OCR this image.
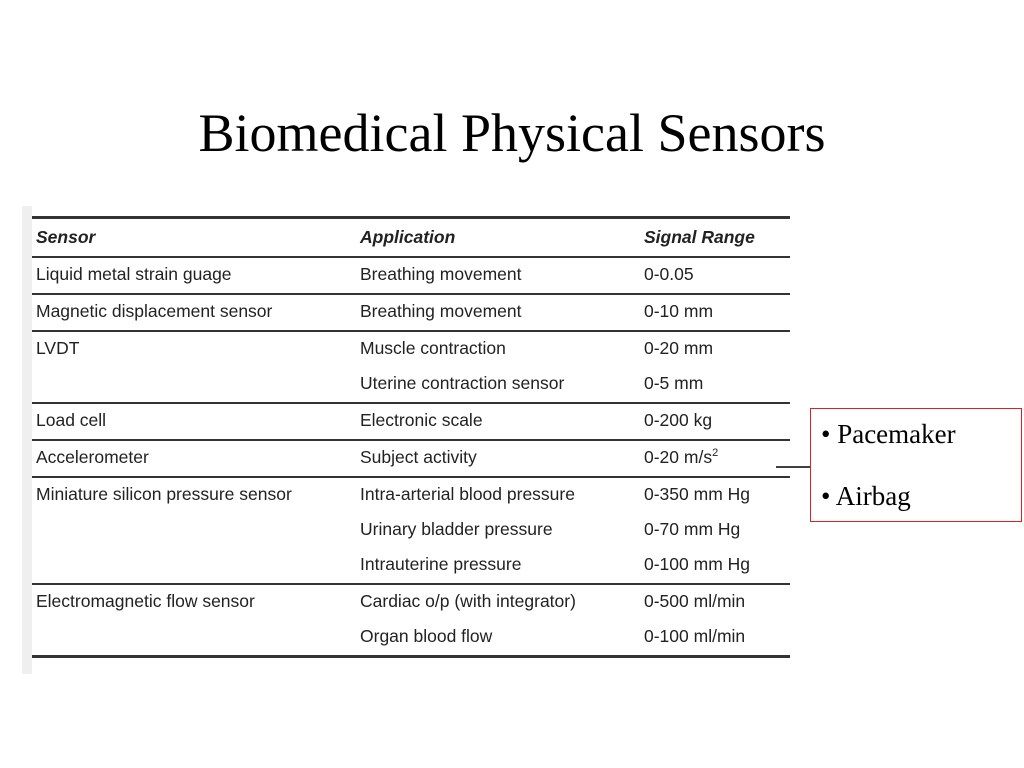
Biomedical Physical Sensors
Sensor	Application	Signal Range
Liquid metal strain guage	Breathing movement	0-0.05
Magnetic displacement sensor	Breathing movement	0-10 mm
LVDT	Muscle contraction	0-20 mm
	Uterine contraction sensor	0-5 mm
Load cell	Electronic scale	0-200 kg
Accelerometer	Subject activity	0-20 $m/s^2$
Miniature silicon pressure sensor	Intra-arterial blood pressure	0-350 mm Hg
	Urinary bladder pressure	0-70 mm Hg
	Intrauterine pressure	0-100 mm Hg
Electromagnetic flow sensor	Cardiac o/p (with integrator)	0-500 ml/min
	Organ blood flow	0-100 ml/min
• Pacemaker
• Airbag
